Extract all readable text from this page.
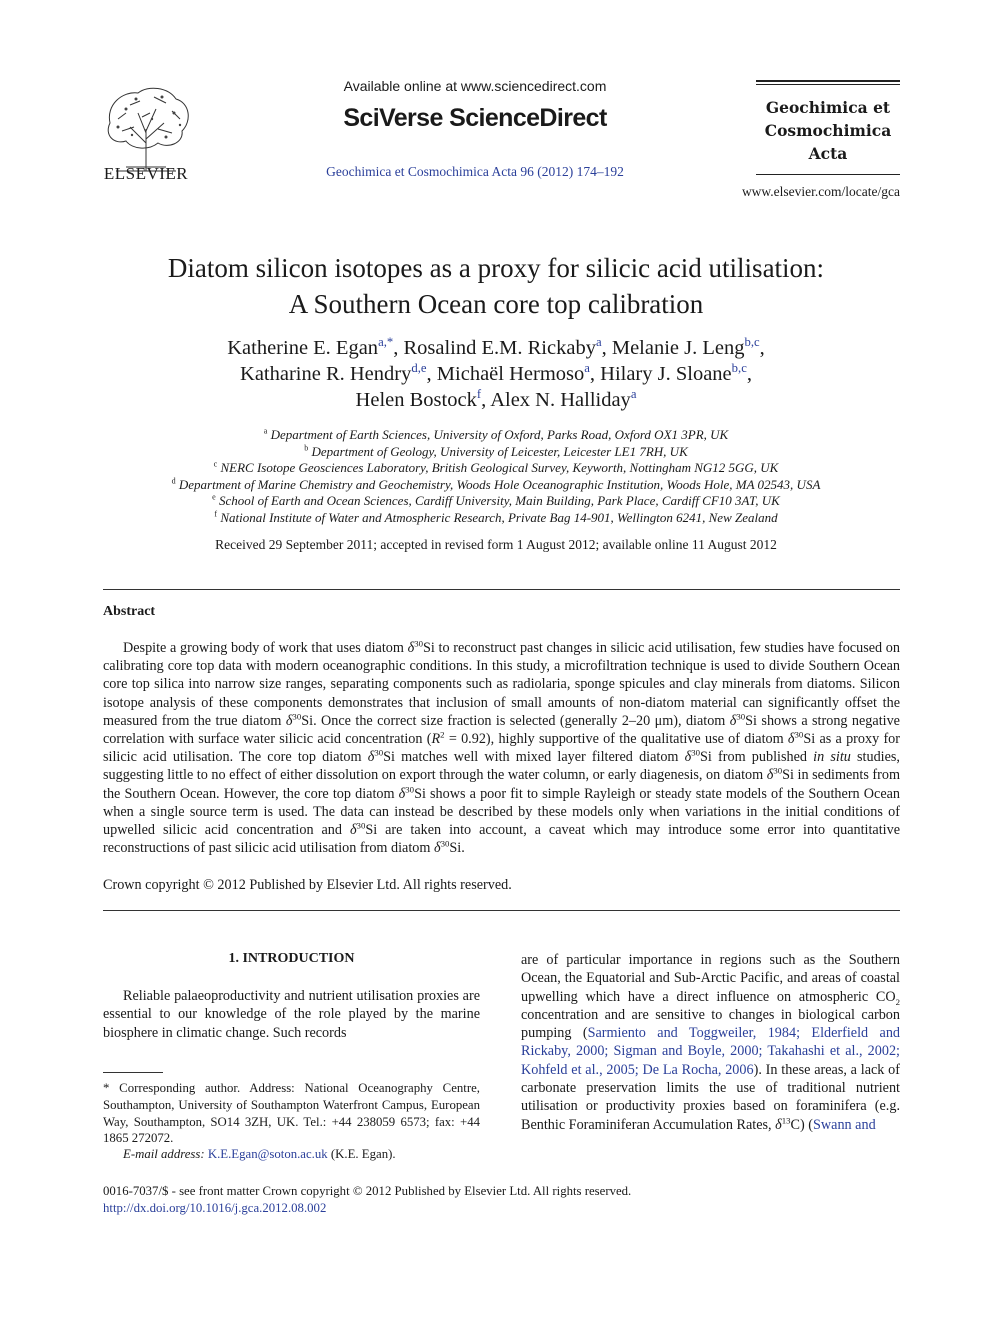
ELSEVIER
Available online at www.sciencedirect.com
SciVerse ScienceDirect
Geochimica et Cosmochimica Acta 96 (2012) 174–192
Geochimica et
Cosmochimica
Acta
www.elsevier.com/locate/gca
Diatom silicon isotopes as a proxy for silicic acid utilisation:
A Southern Ocean core top calibration
Katherine E. Egan$^{a,*}$, Rosalind E.M. Rickaby$^a$, Melanie J. Leng$^{b,c}$,
Katharine R. Hendry$^{d,e}$, Michaël Hermoso$^a$, Hilary J. Sloane$^{b,c}$,
Helen Bostock$^f$, Alex N. Halliday$^a$
$^a$ Department of Earth Sciences, University of Oxford, Parks Road, Oxford OX1 3PR, UK
$^b$ Department of Geology, University of Leicester, Leicester LE1 7RH, UK
$^c$ NERC Isotope Geosciences Laboratory, British Geological Survey, Keyworth, Nottingham NG12 5GG, UK
$^d$ Department of Marine Chemistry and Geochemistry, Woods Hole Oceanographic Institution, Woods Hole, MA 02543, USA
$^e$ School of Earth and Ocean Sciences, Cardiff University, Main Building, Park Place, Cardiff CF10 3AT, UK
$^f$ National Institute of Water and Atmospheric Research, Private Bag 14-901, Wellington 6241, New Zealand
Received 29 September 2011; accepted in revised form 1 August 2012; available online 11 August 2012
Abstract
Despite a growing body of work that uses diatom $\delta^{30}Si$ to reconstruct past changes in silicic acid utilisation, few studies have focused on calibrating core top data with modern oceanographic conditions. In this study, a microfiltration technique is used to divide Southern Ocean core top silica into narrow size ranges, separating components such as radiolaria, sponge spicules and clay minerals from diatoms. Silicon isotope analysis of these components demonstrates that inclusion of small amounts of non-diatom material can significantly offset the measured from the true diatom $\delta^{30}Si$. Once the correct size fraction is selected (generally 2–20 μm), diatom $\delta^{30}Si$ shows a strong negative correlation with surface water silicic acid concentration $(R^2 = 0.92)$, highly supportive of the qualitative use of diatom $\delta^{30}Si$ as a proxy for silicic acid utilisation. The core top diatom $\delta^{30}Si$ matches well with mixed layer filtered diatom $\delta^{30}Si$ from published in situ studies, suggesting little to no effect of either dissolution on export through the water column, or early diagenesis, on diatom $\delta^{30}Si$ in sediments from the Southern Ocean. However, the core top diatom $\delta^{30}Si$ shows a poor fit to simple Rayleigh or steady state models of the Southern Ocean when a single source term is used. The data can instead be described by these models only when variations in the initial conditions of upwelled silicic acid concentration and $\delta^{30}Si$ are taken into account, a caveat which may introduce some error into quantitative reconstructions of past silicic acid utilisation from diatom $\delta^{30}Si$.
Crown copyright © 2012 Published by Elsevier Ltd. All rights reserved.
1. INTRODUCTION
Reliable palaeoproductivity and nutrient utilisation proxies are essential to our knowledge of the role played by the marine biosphere in climatic change. Such records
* Corresponding author. Address: National Oceanography Centre, Southampton, University of Southampton Waterfront Campus, European Way, Southampton, SO14 3ZH, UK. Tel.: +44 238059 6573; fax: +44 1865 272072.
E-mail address: K.E.Egan@soton.ac.uk (K.E. Egan).
are of particular importance in regions such as the Southern Ocean, the Equatorial and Sub-Arctic Pacific, and areas of coastal upwelling which have a direct influence on atmospheric $CO_2$ concentration and are sensitive to changes in biological carbon pumping (Sarmiento and Toggweiler, 1984; Elderfield and Rickaby, 2000; Sigman and Boyle, 2000; Takahashi et al., 2002; Kohfeld et al., 2005; De La Rocha, 2006). In these areas, a lack of carbonate preservation limits the use of traditional nutrient utilisation or productivity proxies based on foraminifera (e.g. Benthic Foraminiferan Accumulation Rates, $\delta^{13}C$) (Swann and
0016-7037/$ - see front matter Crown copyright © 2012 Published by Elsevier Ltd. All rights reserved.
http://dx.doi.org/10.1016/j.gca.2012.08.002
